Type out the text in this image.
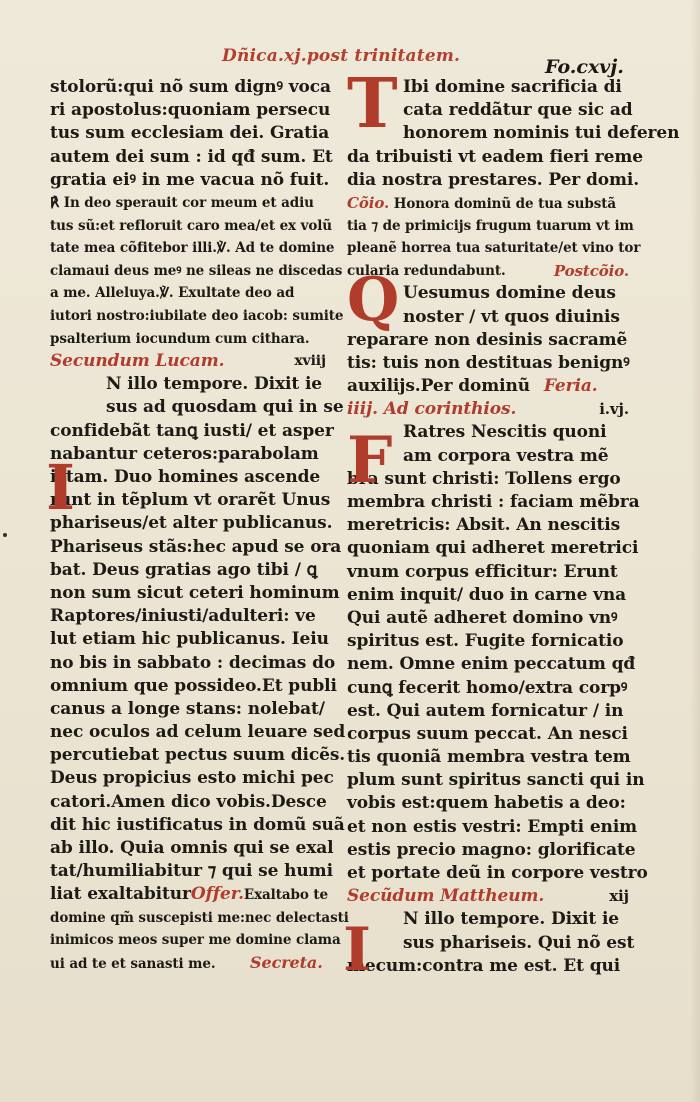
Dñica.xj.post trinitatem.	Fo.cxvj.
stolorũ:qui nõ sum dignꝰ voca
ri apostolus:quoniam persecu
tus sum ecclesiam dei. Gratia
autem dei sum : id qđ sum. Et
gratia eiꝰ in me vacua nõ fuit.
℟ In deo sperauit cor meum et adiu
tus sũ:et refloruit caro mea/et ex volũ
tate mea cõfitebor illi.℣. Ad te domine
clamaui deus meꝰ ne sileas ne discedas
a me. Alleluya.℣. Exultate deo ad
iutori nostro:iubilate deo iacob: sumite
psalterium iocundum cum cithara.
Secundum Lucam.	xviij
I
N illo tempore. Dixit ie
sus ad quosdam qui in se
confidebãt tanꝗ iusti/ et asper
nabantur ceteros:parabolam
istam. Duo homines ascende
runt in tẽplum vt orarẽt Unus
phariseus/et alter publicanus.
Phariseus stãs:hec apud se ora
bat. Deus gratias ago tibi / ꝗ
non sum sicut ceteri hominum
Raptores/iniusti/adulteri: ve
lut etiam hic publicanus. Ieiu
no bis in sabbato : decimas do
omnium que possideo.Et publi
canus a longe stans: nolebat/
nec oculos ad celum leuare sed
percutiebat pectus suum dicẽs.
Deus propicius esto michi pec
catori.Amen dico vobis.Desce
dit hic iustificatus in domũ suã
ab illo. Quia omnis qui se exal
tat/humiliabitur ⁊ qui se humi
liat exaltabiturOffer.Exaltabo te
domine qm̃ suscepisti me:nec delectasti
inimicos meos super me domine clama
ui ad te et sanasti me. Secreta.
T Ibi domine sacrificia di
cata reddãtur que sic ad
honorem nominis tui deferen
da tribuisti vt eadem fieri reme
dia nostra prestares. Per domi.
Cõio. Honora dominũ de tua substã
tia ⁊ de primicijs frugum tuarum vt im
pleanẽ horrea tua saturitate/et vino tor
cularia redundabunt.	Postcõio.
Q Uesumus domine deus
noster / vt quos diuinis
reparare non desinis sacramẽ
tis: tuis non destituas benignꝰ
auxilijs.Per dominũ Feria.
iiij. Ad corinthios.	i.vj.
F Ratres Nescitis quoni
am corpora vestra mẽ
bra sunt christi: Tollens ergo
membra christi : faciam mẽbra
meretricis: Absit. An nescitis
quoniam qui adheret meretrici
vnum corpus efficitur: Erunt
enim inquit/ duo in carne vna
Qui autẽ adheret domino vnꝰ
spiritus est. Fugite fornicatio
nem. Omne enim peccatum qđ
cunꝗ fecerit homo/extra corpꝰ
est. Qui autem fornicatur / in
corpus suum peccat. An nesci
tis quoniã membra vestra tem
plum sunt spiritus sancti qui in
vobis est:quem habetis a deo:
et non estis vestri: Empti enim
estis precio magno: glorificate
et portate deũ in corpore vestro
Secũdum Mattheum.	xij
I	N illo tempore. Dixit ie
sus phariseis. Qui nõ est
mecum:contra me est. Et qui
